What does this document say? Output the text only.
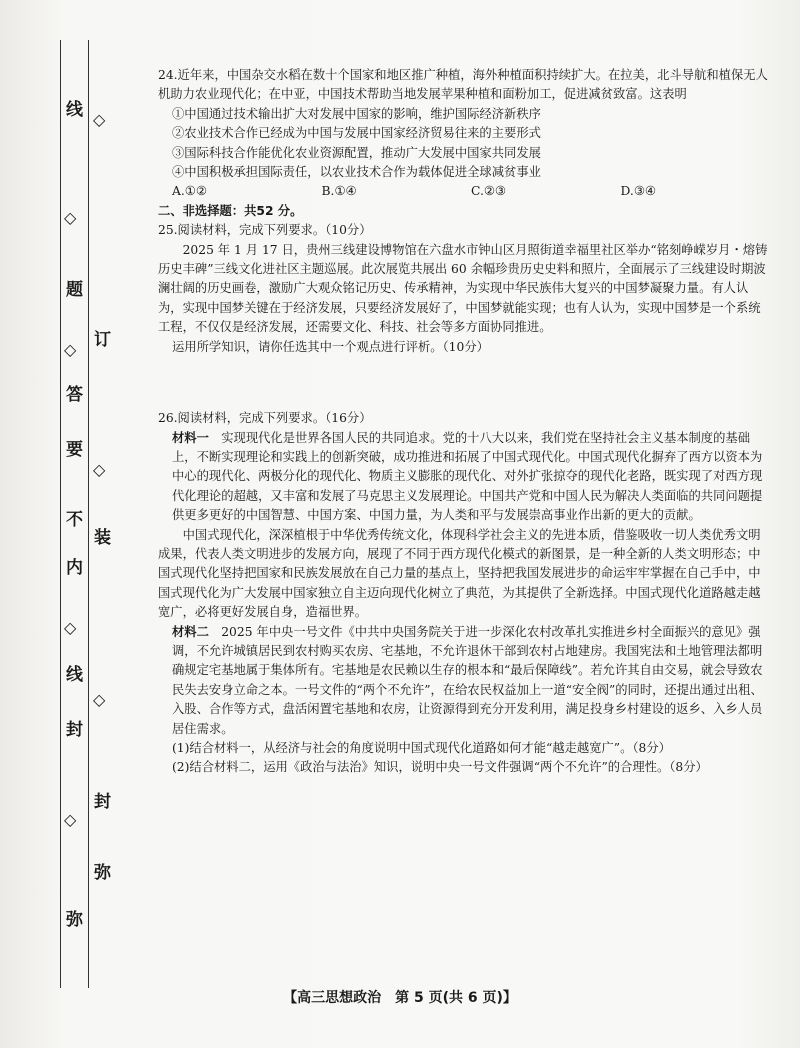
线
◇
题
◇
答
要
不
内
◇
线
封
◇
弥
◇
订
◇
装
◇
封
弥

24.近年来，中国杂交水稻在数十个国家和地区推广种植，海外种植面积持续扩大。在拉美，北斗导航和植保无人机助力农业现代化；在中亚，中国技术帮助当地发展苹果种植和面粉加工，促进减贫致富。这表明

①中国通过技术输出扩大对发展中国家的影响，维护国际经济新秩序

②农业技术合作已经成为中国与发展中国家经济贸易往来的主要形式

③国际科技合作能优化农业资源配置，推动广大发展中国家共同发展

④中国积极承担国际责任，以农业技术合作为载体促进全球减贫事业

A.①②	B.①④	C.②③	D.③④

二、非选择题：共52 分。

25.阅读材料，完成下列要求。（10分）

2025 年 1 月 17 日，贵州三线建设博物馆在六盘水市钟山区月照街道幸福里社区举办“铭刻峥嵘岁月・熔铸历史丰碑”三线文化进社区主题巡展。此次展览共展出 60 余幅珍贵历史史料和照片，全面展示了三线建设时期波澜壮阔的历史画卷，激励广大观众铭记历史、传承精神，为实现中华民族伟大复兴的中国梦凝聚力量。有人认为，实现中国梦关键在于经济发展，只要经济发展好了，中国梦就能实现；也有人认为，实现中国梦是一个系统工程，不仅仅是经济发展，还需要文化、科技、社会等多方面协同推进。

运用所学知识，请你任选其中一个观点进行评析。（10分）

26.阅读材料，完成下列要求。（16分）

材料一　 实现现代化是世界各国人民的共同追求。党的十八大以来，我们党在坚持社会主义基本制度的基础上，不断实现理论和实践上的创新突破，成功推进和拓展了中国式现代化。中国式现代化摒弃了西方以资本为中心的现代化、两极分化的现代化、物质主义膨胀的现代化、对外扩张掠夺的现代化老路，既实现了对西方现代化理论的超越，又丰富和发展了马克思主义发展理论。中国共产党和中国人民为解决人类面临的共同问题提供更多更好的中国智慧、中国方案、中国力量，为人类和平与发展崇高事业作出新的更大的贡献。

中国式现代化，深深植根于中华优秀传统文化，体现科学社会主义的先进本质，借鉴吸收一切人类优秀文明成果，代表人类文明进步的发展方向，展现了不同于西方现代化模式的新图景，是一种全新的人类文明形态；中国式现代化坚持把国家和民族发展放在自己力量的基点上，坚持把我国发展进步的命运牢牢掌握在自己手中，中国式现代化为广大发展中国家独立自主迈向现代化树立了典范，为其提供了全新选择。中国式现代化道路越走越宽广，必将更好发展自身，造福世界。

材料二　 2025 年中央一号文件《中共中央国务院关于进一步深化农村改革扎实推进乡村全面振兴的意见》强调，不允许城镇居民到农村购买农房、宅基地，不允许退休干部到农村占地建房。我国宪法和土地管理法都明确规定宅基地属于集体所有。宅基地是农民赖以生存的根本和“最后保障线”。若允许其自由交易，就会导致农民失去安身立命之本。一号文件的“两个不允许”，在给农民权益加上一道“安全阀”的同时，还提出通过出租、入股、合作等方式，盘活闲置宅基地和农房，让资源得到充分开发利用，满足投身乡村建设的返乡、入乡人员居住需求。

(1)结合材料一，从经济与社会的角度说明中国式现代化道路如何才能“越走越宽广”。（8分）

(2)结合材料二，运用《政治与法治》知识，说明中央一号文件强调“两个不允许”的合理性。（8分）

【高三思想政治　第 5 页(共 6 页)】
